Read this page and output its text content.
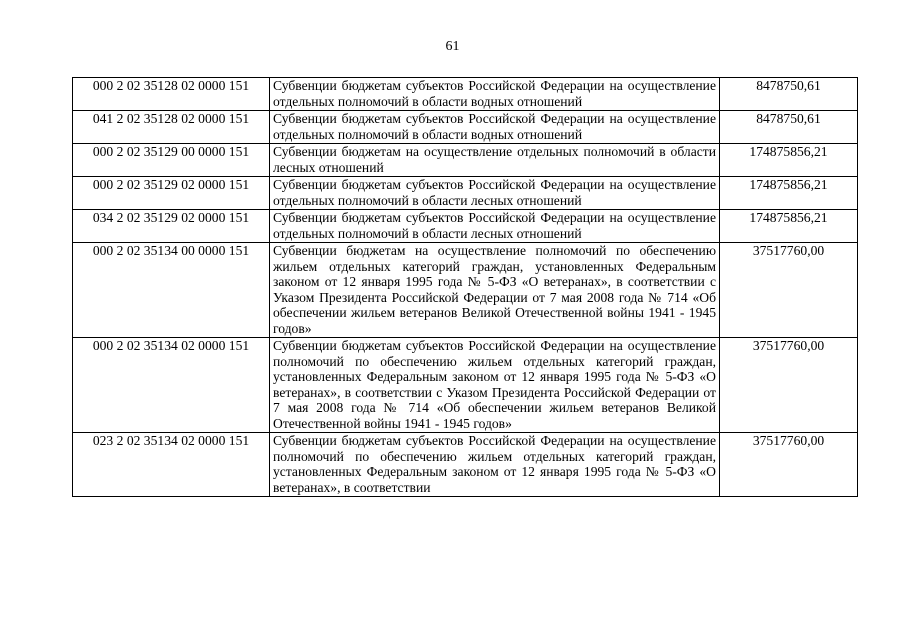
61
000 2 02 35128 02 0000 151	Субвенции бюджетам субъектов Российской Федерации на осуществление отдельных полномочий в области водных отношений	8478750,61
041 2 02 35128 02 0000 151	Субвенции бюджетам субъектов Российской Федерации на осуществление отдельных полномочий в области водных отношений	8478750,61
000 2 02 35129 00 0000 151	Субвенции бюджетам на осуществление отдельных полномочий в области лесных отношений	174875856,21
000 2 02 35129 02 0000 151	Субвенции бюджетам субъектов Российской Федерации на осуществление отдельных полномочий в области лесных отношений	174875856,21
034 2 02 35129 02 0000 151	Субвенции бюджетам субъектов Российской Федерации на осуществление отдельных полномочий в области лесных отношений	174875856,21
000 2 02 35134 00 0000 151	Субвенции бюджетам на осуществление полномочий по обеспечению жильем отдельных категорий граждан, установленных Федеральным законом от 12 января 1995 года № 5-ФЗ «О ветеранах», в соответствии с Указом Президента Российской Федерации от 7 мая 2008 года № 714 «Об обеспечении жильем ветеранов Великой Отечественной войны 1941 - 1945 годов»	37517760,00
000 2 02 35134 02 0000 151	Субвенции бюджетам субъектов Российской Федерации на осуществление полномочий по обеспечению жильем отдельных категорий граждан, установленных Федеральным законом от 12 января 1995 года № 5-ФЗ «О ветеранах», в соответствии с Указом Президента Российской Федерации от 7 мая 2008 года № 714 «Об обеспечении жильем ветеранов Великой Отечественной войны 1941 - 1945 годов»	37517760,00
023 2 02 35134 02 0000 151	Субвенции бюджетам субъектов Российской Федерации на осуществление полномочий по обеспечению жильем отдельных категорий граждан, установленных Федеральным законом от 12 января 1995 года № 5-ФЗ «О ветеранах», в соответствии	37517760,00
